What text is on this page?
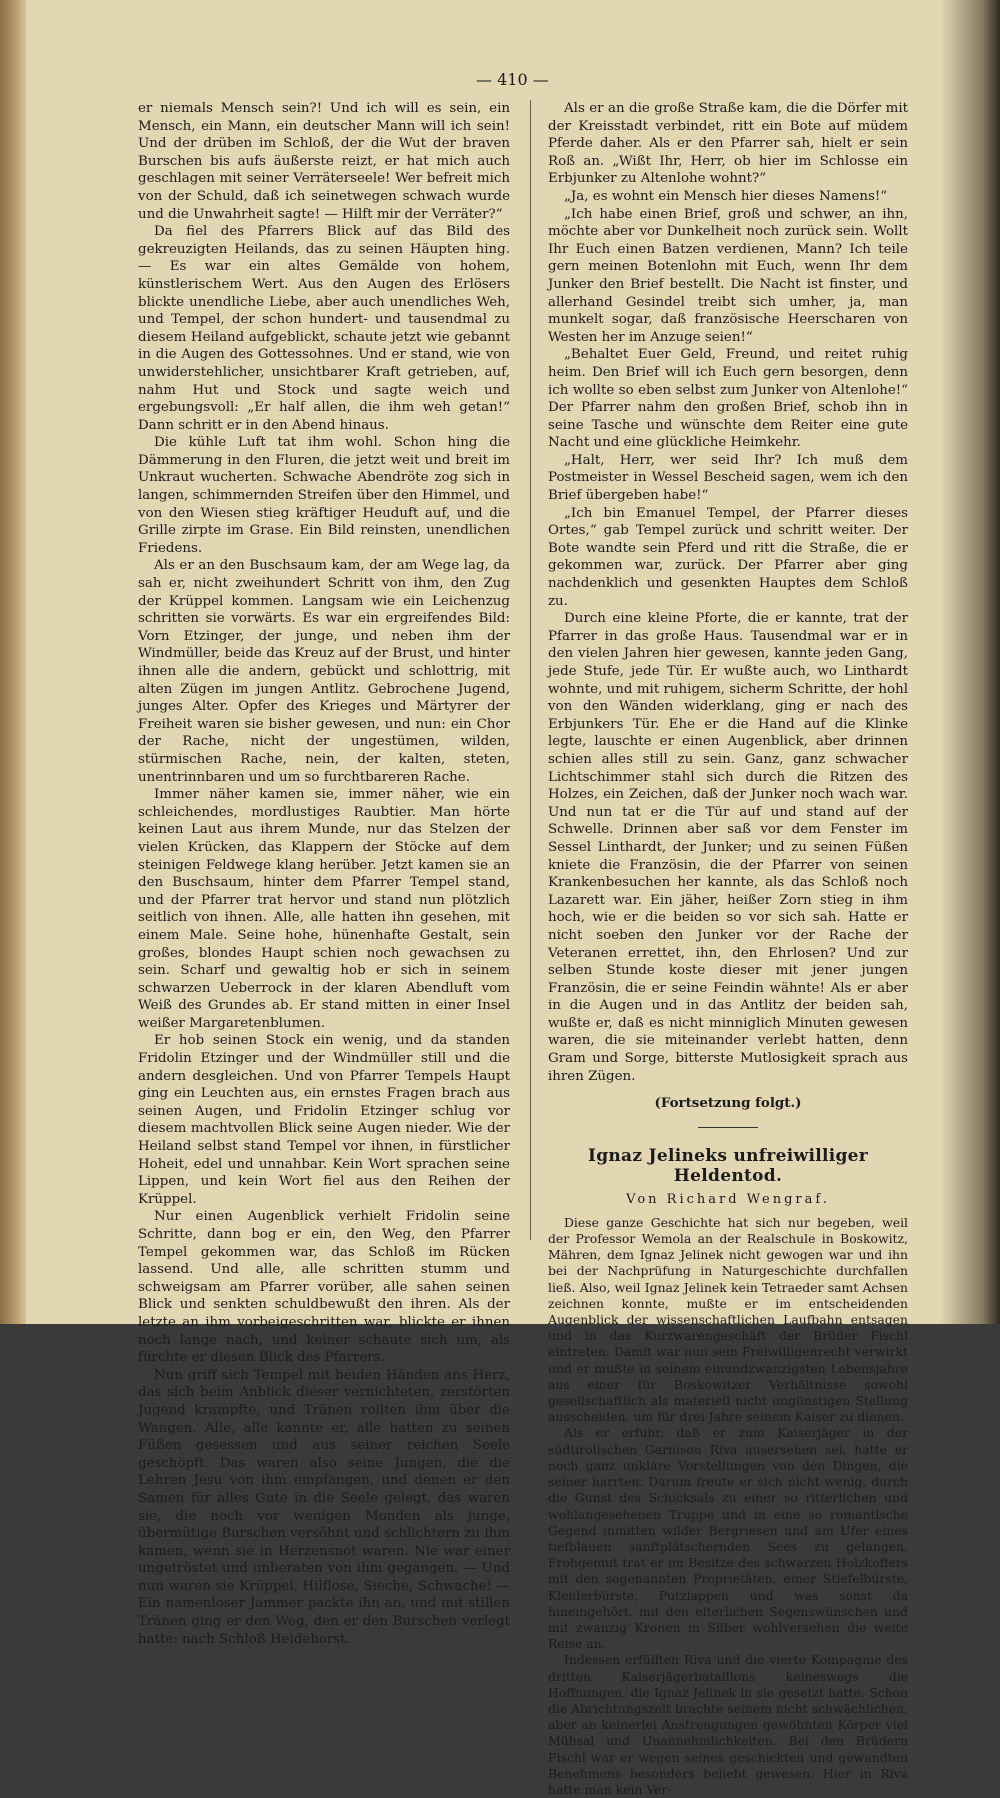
— 410 —

er niemals Mensch sein?! Und ich will es sein, ein Mensch, ein Mann, ein deutscher Mann will ich sein! Und der drüben im Schloß, der die Wut der braven Burschen bis aufs äußerste reizt, er hat mich auch geschlagen mit seiner Verräterseele! Wer befreit mich von der Schuld, daß ich seinetwegen schwach wurde und die Unwahrheit sagte! — Hilft mir der Verräter?“

Da fiel des Pfarrers Blick auf das Bild des gekreuzigten Heilands, das zu seinen Häupten hing. — Es war ein altes Gemälde von hohem, künstlerischem Wert. Aus den Augen des Erlösers blickte unendliche Liebe, aber auch unendliches Weh, und Tempel, der schon hundert- und tausendmal zu diesem Heiland aufgeblickt, schaute jetzt wie gebannt in die Augen des Gottessohnes. Und er stand, wie von unwiderstehlicher, unsichtbarer Kraft getrieben, auf, nahm Hut und Stock und sagte weich und ergebungsvoll: „Er half allen, die ihm weh getan!“ Dann schritt er in den Abend hinaus.

Die kühle Luft tat ihm wohl. Schon hing die Dämmerung in den Fluren, die jetzt weit und breit im Unkraut wucherten. Schwache Abendröte zog sich in langen, schimmernden Streifen über den Himmel, und von den Wiesen stieg kräftiger Heuduft auf, und die Grille zirpte im Grase. Ein Bild reinsten, unendlichen Friedens.

Als er an den Buschsaum kam, der am Wege lag, da sah er, nicht zweihundert Schritt von ihm, den Zug der Krüppel kommen. Langsam wie ein Leichenzug schritten sie vorwärts. Es war ein ergreifendes Bild: Vorn Etzinger, der junge, und neben ihm der Windmüller, beide das Kreuz auf der Brust, und hinter ihnen alle die andern, gebückt und schlottrig, mit alten Zügen im jungen Antlitz. Gebrochene Jugend, junges Alter. Opfer des Krieges und Märtyrer der Freiheit waren sie bisher gewesen, und nun: ein Chor der Rache, nicht der ungestümen, wilden, stürmischen Rache, nein, der kalten, steten, unentrinnbaren und um so furchtbareren Rache.

Immer näher kamen sie, immer näher, wie ein schleichendes, mordlustiges Raubtier. Man hörte keinen Laut aus ihrem Munde, nur das Stelzen der vielen Krücken, das Klappern der Stöcke auf dem steinigen Feldwege klang herüber. Jetzt kamen sie an den Buschsaum, hinter dem Pfarrer Tempel stand, und der Pfarrer trat hervor und stand nun plötzlich seitlich von ihnen. Alle, alle hatten ihn gesehen, mit einem Male. Seine hohe, hünenhafte Gestalt, sein großes, blondes Haupt schien noch gewachsen zu sein. Scharf und gewaltig hob er sich in seinem schwarzen Ueberrock in der klaren Abendluft vom Weiß des Grundes ab. Er stand mitten in einer Insel weißer Margaretenblumen.

Er hob seinen Stock ein wenig, und da standen Fridolin Etzinger und der Windmüller still und die andern desgleichen. Und von Pfarrer Tempels Haupt ging ein Leuchten aus, ein ernstes Fragen brach aus seinen Augen, und Fridolin Etzinger schlug vor diesem machtvollen Blick seine Augen nieder. Wie der Heiland selbst stand Tempel vor ihnen, in fürstlicher Hoheit, edel und unnahbar. Kein Wort sprachen seine Lippen, und kein Wort fiel aus den Reihen der Krüppel.

Nur einen Augenblick verhielt Fridolin seine Schritte, dann bog er ein, den Weg, den Pfarrer Tempel gekommen war, das Schloß im Rücken lassend. Und alle, alle schritten stumm und schweigsam am Pfarrer vorüber, alle sahen seinen Blick und senkten schuldbewußt den ihren. Als der letzte an ihm vorbeigeschritten war, blickte er ihnen noch lange nach, und keiner schaute sich um, als fürchte er diesen Blick des Pfarrers.

Nun griff sich Tempel mit beiden Händen ans Herz, das sich beim Anblick dieser vernichteten, zerstörten Jugend krampfte, und Tränen rollten ihm über die Wangen. Alle, alle kannte er, alle hatten zu seinen Füßen gesessen und aus seiner reichen Seele geschöpft. Das waren also seine Jungen, die die Lehren Jesu von ihm empfangen, und denen er den Samen für alles Gute in die Seele gelegt, das waren sie, die noch vor wenigen Monden als junge, übermütige Burschen versöhnt und schlichtern zu ihm kamen, wenn sie in Herzensnot waren. Nie war einer ungetröstet und unberaten von ihm gegangen. — Und nun waren sie Krüppel, Hilflose, Sieche, Schwache! — Ein namenloser Jammer packte ihn an, und mit stillen Tränen ging er den Weg, den er den Burschen verlegt hatte: nach Schloß Heidehorst.

Als er an die große Straße kam, die die Dörfer mit der Kreisstadt verbindet, ritt ein Bote auf müdem Pferde daher. Als er den Pfarrer sah, hielt er sein Roß an. „Wißt Ihr, Herr, ob hier im Schlosse ein Erbjunker zu Altenlohe wohnt?“

„Ja, es wohnt ein Mensch hier dieses Namens!“

„Ich habe einen Brief, groß und schwer, an ihn, möchte aber vor Dunkelheit noch zurück sein. Wollt Ihr Euch einen Batzen verdienen, Mann? Ich teile gern meinen Botenlohn mit Euch, wenn Ihr dem Junker den Brief bestellt. Die Nacht ist finster, und allerhand Gesindel treibt sich umher, ja, man munkelt sogar, daß französische Heerscharen von Westen her im Anzuge seien!“

„Behaltet Euer Geld, Freund, und reitet ruhig heim. Den Brief will ich Euch gern besorgen, denn ich wollte so eben selbst zum Junker von Altenlohe!“ Der Pfarrer nahm den großen Brief, schob ihn in seine Tasche und wünschte dem Reiter eine gute Nacht und eine glückliche Heimkehr.

„Halt, Herr, wer seid Ihr? Ich muß dem Postmeister in Wessel Bescheid sagen, wem ich den Brief übergeben habe!“

„Ich bin Emanuel Tempel, der Pfarrer dieses Ortes,“ gab Tempel zurück und schritt weiter. Der Bote wandte sein Pferd und ritt die Straße, die er gekommen war, zurück. Der Pfarrer aber ging nachdenklich und gesenkten Hauptes dem Schloß zu.

Durch eine kleine Pforte, die er kannte, trat der Pfarrer in das große Haus. Tausendmal war er in den vielen Jahren hier gewesen, kannte jeden Gang, jede Stufe, jede Tür. Er wußte auch, wo Linthardt wohnte, und mit ruhigem, sicherm Schritte, der hohl von den Wänden widerklang, ging er nach des Erbjunkers Tür. Ehe er die Hand auf die Klinke legte, lauschte er einen Augenblick, aber drinnen schien alles still zu sein. Ganz, ganz schwacher Lichtschimmer stahl sich durch die Ritzen des Holzes, ein Zeichen, daß der Junker noch wach war. Und nun tat er die Tür auf und stand auf der Schwelle. Drinnen aber saß vor dem Fenster im Sessel Linthardt, der Junker; und zu seinen Füßen kniete die Französin, die der Pfarrer von seinen Krankenbesuchen her kannte, als das Schloß noch Lazarett war. Ein jäher, heißer Zorn stieg in ihm hoch, wie er die beiden so vor sich sah. Hatte er nicht soeben den Junker vor der Rache der Veteranen errettet, ihn, den Ehrlosen? Und zur selben Stunde koste dieser mit jener jungen Französin, die er seine Feindin wähnte! Als er aber in die Augen und in das Antlitz der beiden sah, wußte er, daß es nicht minniglich Minuten gewesen waren, die sie miteinander verlebt hatten, denn Gram und Sorge, bitterste Mutlosigkeit sprach aus ihren Zügen.

(Fortsetzung folgt.)

Ignaz Jelineks unfreiwilliger Heldentod.
Von Richard Wengraf.

Diese ganze Geschichte hat sich nur begeben, weil der Professor Wemola an der Realschule in Boskowitz, Mähren, dem Ignaz Jelinek nicht gewogen war und ihn bei der Nachprüfung in Naturgeschichte durchfallen ließ. Also, weil Ignaz Jelinek kein Tetraeder samt Achsen zeichnen konnte, mußte er im entscheidenden Augenblick der wissenschaftlichen Laufbahn entsagen und in das Kurzwarengeschäft der Brüder Fischl eintreten. Damit war nun sein Freiwilligenrecht verwirkt und er mußte in seinem einundzwanzigsten Lebensjahre aus einer für Boskowitzer Verhältnisse sowohl gesellschaftlich als materiell nicht ungünstigen Stellung ausscheiden, um für drei Jahre seinem Kaiser zu dienen.

Als er erfuhr, daß er zum Kaiserjäger in der südtirolischen Garnison Riva ausersehen sei, hatte er noch ganz unklare Vorstellungen von den Dingen, die seiner harrten. Darum freute er sich nicht wenig, durch die Gunst des Schicksals zu einer so ritterlichen und wohlangesehenen Truppe und in eine so romantische Gegend inmitten wilder Bergriesen und am Ufer eines tiefblauen sanftplätschernden Sees zu gelangen. Frohgemut trat er im Besitze des schwarzen Holzkoffers mit den sogenannten Proprietäten, einer Stiefelbürste, Kleiderbürste, Putzlappen und was sonst da hineingehört, mit den elterlichen Segenswünschen und mit zwanzig Kronen in Silber wohlversehen die weite Reise an.

Indessen erfüllten Riva und die vierte Kompagnie des dritten Kaiserjägerbataillons keineswegs die Hoffnungen, die Ignaz Jelinek in sie gesetzt hatte. Schon die Abrichtungszeit brachte seinem nicht schwächlichen, aber an keinerlei Anstrengungen gewöhnten Körper viel Mühsal und Unannehmlichkeiten. Bei den Brüdern Fischl war er wegen seines geschickten und gewandten Benehmens besonders beliebt gewesen. Hier in Riva hatte man kein Ver-
